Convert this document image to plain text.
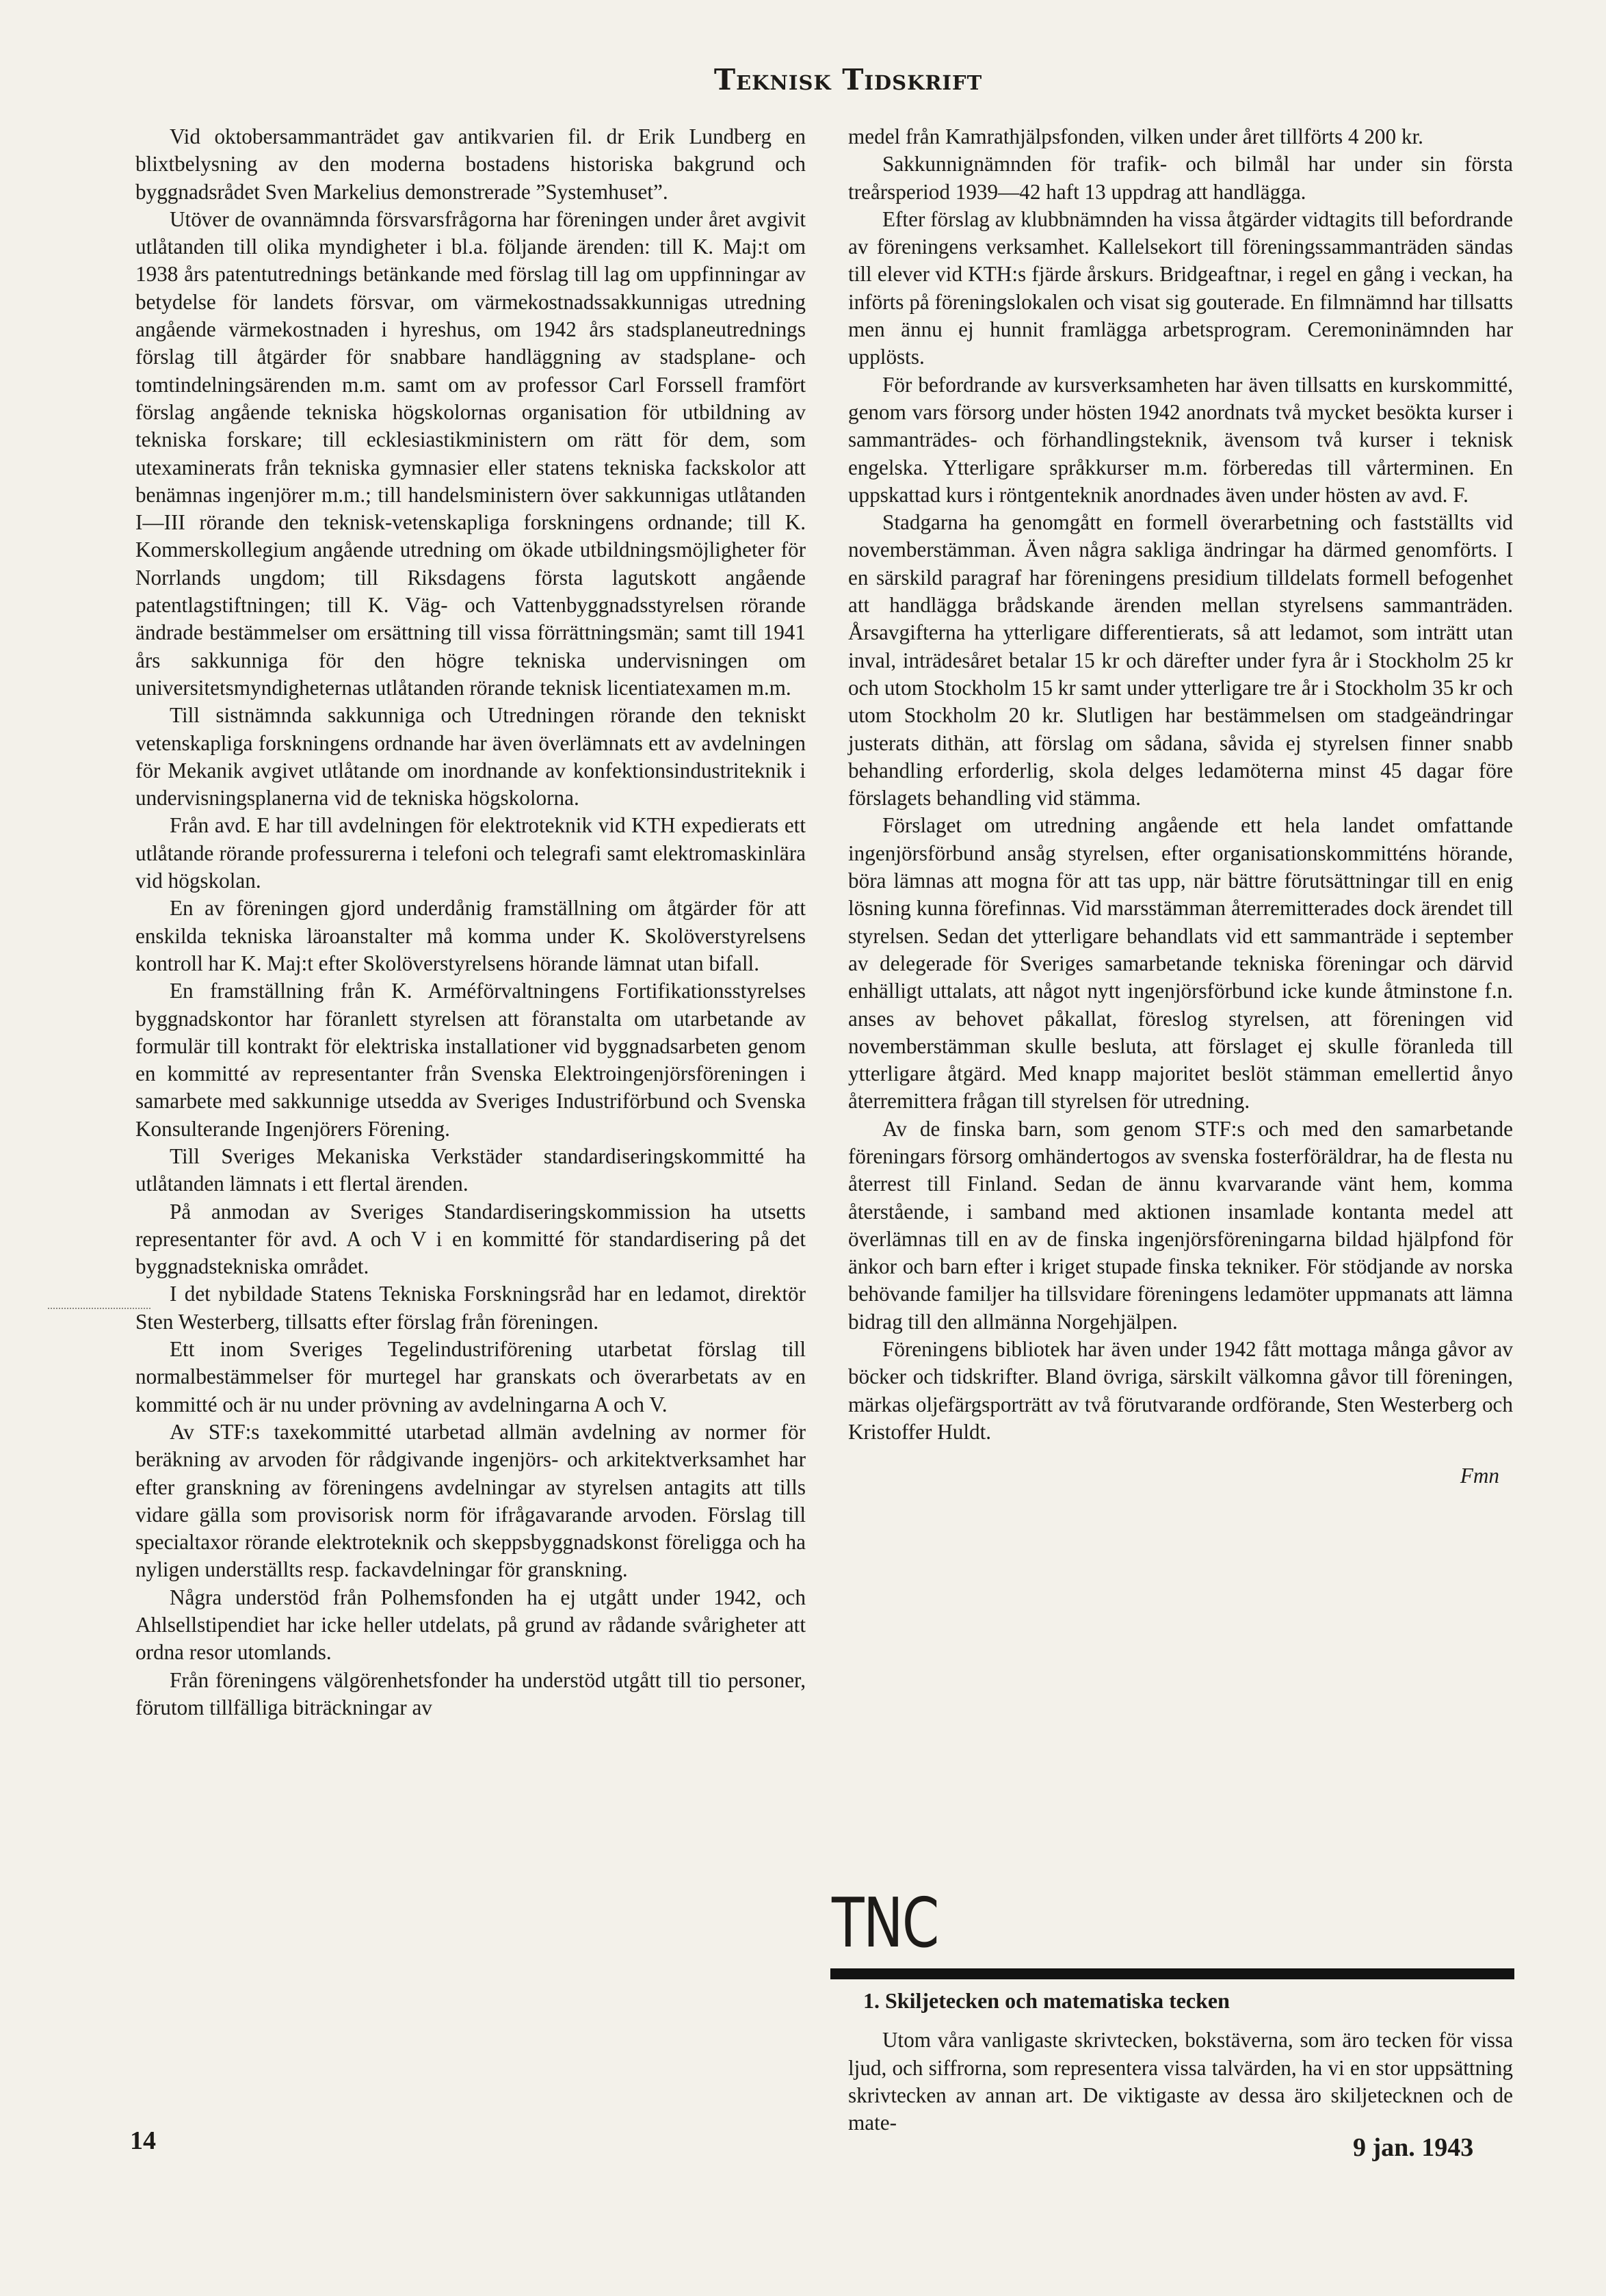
Teknisk Tidskrift

Vid oktobersammanträdet gav antikvarien fil. dr Erik Lundberg en blixtbelysning av den moderna bostadens historiska bakgrund och byggnadsrådet Sven Markelius demonstrerade ”Systemhuset”.

Utöver de ovannämnda försvarsfrågorna har föreningen under året avgivit utlåtanden till olika myndigheter i bl.a. följande ärenden: till K. Maj:t om 1938 års patentutrednings betänkande med förslag till lag om uppfinningar av betydelse för landets försvar, om värmekostnadssakkunnigas utredning angående värmekostnaden i hyreshus, om 1942 års stadsplaneutrednings förslag till åtgärder för snabbare handläggning av stadsplane- och tomtindelningsärenden m.m. samt om av professor Carl Forssell framfört förslag angående tekniska högskolornas organisation för utbildning av tekniska forskare; till ecklesiastikministern om rätt för dem, som utexaminerats från tekniska gymnasier eller statens tekniska fackskolor att benämnas ingenjörer m.m.; till handelsministern över sakkunnigas utlåtanden I—III rörande den teknisk-vetenskapliga forskningens ordnande; till K. Kommerskollegium angående utredning om ökade utbildningsmöjligheter för Norrlands ungdom; till Riksdagens första lagutskott angående patentlagstiftningen; till K. Väg- och Vattenbyggnadsstyrelsen rörande ändrade bestämmelser om ersättning till vissa förrättningsmän; samt till 1941 års sakkunniga för den högre tekniska undervisningen om universitetsmyndigheternas utlåtanden rörande teknisk licentiatexamen m.m.

Till sistnämnda sakkunniga och Utredningen rörande den tekniskt vetenskapliga forskningens ordnande har även överlämnats ett av avdelningen för Mekanik avgivet utlåtande om inordnande av konfektionsindustriteknik i undervisningsplanerna vid de tekniska högskolorna.

Från avd. E har till avdelningen för elektroteknik vid KTH expedierats ett utlåtande rörande professurerna i telefoni och telegrafi samt elektromaskinlära vid högskolan.

En av föreningen gjord underdånig framställning om åtgärder för att enskilda tekniska läroanstalter må komma under K. Skolöverstyrelsens kontroll har K. Maj:t efter Skolöverstyrelsens hörande lämnat utan bifall.

En framställning från K. Arméförvaltningens Fortifikationsstyrelses byggnadskontor har föranlett styrelsen att föranstalta om utarbetande av formulär till kontrakt för elektriska installationer vid byggnadsarbeten genom en kommitté av representanter från Svenska Elektroingenjörsföreningen i samarbete med sakkunnige utsedda av Sveriges Industriförbund och Svenska Konsulterande Ingenjörers Förening.

Till Sveriges Mekaniska Verkstäder standardiseringskommitté ha utlåtanden lämnats i ett flertal ärenden.

På anmodan av Sveriges Standardiseringskommission ha utsetts representanter för avd. A och V i en kommitté för standardisering på det byggnadstekniska området.

I det nybildade Statens Tekniska Forskningsråd har en ledamot, direktör Sten Westerberg, tillsatts efter förslag från föreningen.

Ett inom Sveriges Tegelindustriförening utarbetat förslag till normalbestämmelser för murtegel har granskats och överarbetats av en kommitté och är nu under prövning av avdelningarna A och V.

Av STF:s taxekommitté utarbetad allmän avdelning av normer för beräkning av arvoden för rådgivande ingenjörs- och arkitektverksamhet har efter granskning av föreningens avdelningar av styrelsen antagits att tills vidare gälla som provisorisk norm för ifrågavarande arvoden. Förslag till specialtaxor rörande elektroteknik och skeppsbyggnadskonst föreligga och ha nyligen underställts resp. fackavdelningar för granskning.

Några understöd från Polhemsfonden ha ej utgått under 1942, och Ahlsellstipendiet har icke heller utdelats, på grund av rådande svårigheter att ordna resor utomlands.

Från föreningens välgörenhetsfonder ha understöd utgått till tio personer, förutom tillfälliga biträckningar av

medel från Kamrathjälpsfonden, vilken under året tillförts 4 200 kr.

Sakkunnignämnden för trafik- och bilmål har under sin första treårsperiod 1939—42 haft 13 uppdrag att handlägga.

Efter förslag av klubbnämnden ha vissa åtgärder vidtagits till befordrande av föreningens verksamhet. Kallelsekort till föreningssammanträden sändas till elever vid KTH:s fjärde årskurs. Bridgeaftnar, i regel en gång i veckan, ha införts på föreningslokalen och visat sig gouterade. En filmnämnd har tillsatts men ännu ej hunnit framlägga arbetsprogram. Ceremoninämnden har upplösts.

För befordrande av kursverksamheten har även tillsatts en kurskommitté, genom vars försorg under hösten 1942 anordnats två mycket besökta kurser i sammanträdes- och förhandlingsteknik, ävensom två kurser i teknisk engelska. Ytterligare språkkurser m.m. förberedas till vårterminen. En uppskattad kurs i röntgenteknik anordnades även under hösten av avd. F.

Stadgarna ha genomgått en formell överarbetning och fastställts vid novemberstämman. Även några sakliga ändringar ha därmed genomförts. I en särskild paragraf har föreningens presidium tilldelats formell befogenhet att handlägga brådskande ärenden mellan styrelsens sammanträden. Årsavgifterna ha ytterligare differentierats, så att ledamot, som inträtt utan inval, inträdesåret betalar 15 kr och därefter under fyra år i Stockholm 25 kr och utom Stockholm 15 kr samt under ytterligare tre år i Stockholm 35 kr och utom Stockholm 20 kr. Slutligen har bestämmelsen om stadgeändringar justerats dithän, att förslag om sådana, såvida ej styrelsen finner snabb behandling erforderlig, skola delges ledamöterna minst 45 dagar före förslagets behandling vid stämma.

Förslaget om utredning angående ett hela landet omfattande ingenjörsförbund ansåg styrelsen, efter organisationskommitténs hörande, böra lämnas att mogna för att tas upp, när bättre förutsättningar till en enig lösning kunna förefinnas. Vid marsstämman återremitterades dock ärendet till styrelsen. Sedan det ytterligare behandlats vid ett sammanträde i september av delegerade för Sveriges samarbetande tekniska föreningar och därvid enhälligt uttalats, att något nytt ingenjörsförbund icke kunde åtminstone f.n. anses av behovet påkallat, föreslog styrelsen, att föreningen vid novemberstämman skulle besluta, att förslaget ej skulle föranleda till ytterligare åtgärd. Med knapp majoritet beslöt stämman emellertid ånyo återremittera frågan till styrelsen för utredning.

Av de finska barn, som genom STF:s och med den samarbetande föreningars försorg omhändertogos av svenska fosterföräldrar, ha de flesta nu återrest till Finland. Sedan de ännu kvarvarande vänt hem, komma återstående, i samband med aktionen insamlade kontanta medel att överlämnas till en av de finska ingenjörsföreningarna bildad hjälpfond för änkor och barn efter i kriget stupade finska tekniker. För stödjande av norska behövande familjer ha tillsvidare föreningens ledamöter uppmanats att lämna bidrag till den allmänna Norgehjälpen.

Föreningens bibliotek har även under 1942 fått mottaga många gåvor av böcker och tidskrifter. Bland övriga, särskilt välkomna gåvor till föreningen, märkas oljefärgsporträtt av två förutvarande ordförande, Sten Westerberg och Kristoffer Huldt.

Fmn

TNC
1. Skiljetecken och matematiska tecken

Utom våra vanligaste skrivtecken, bokstäverna, som äro tecken för vissa ljud, och siffrorna, som representera vissa talvärden, ha vi en stor uppsättning skrivtecken av annan art. De viktigaste av dessa äro skiljetecknen och de mate-

14	9 jan. 1943
